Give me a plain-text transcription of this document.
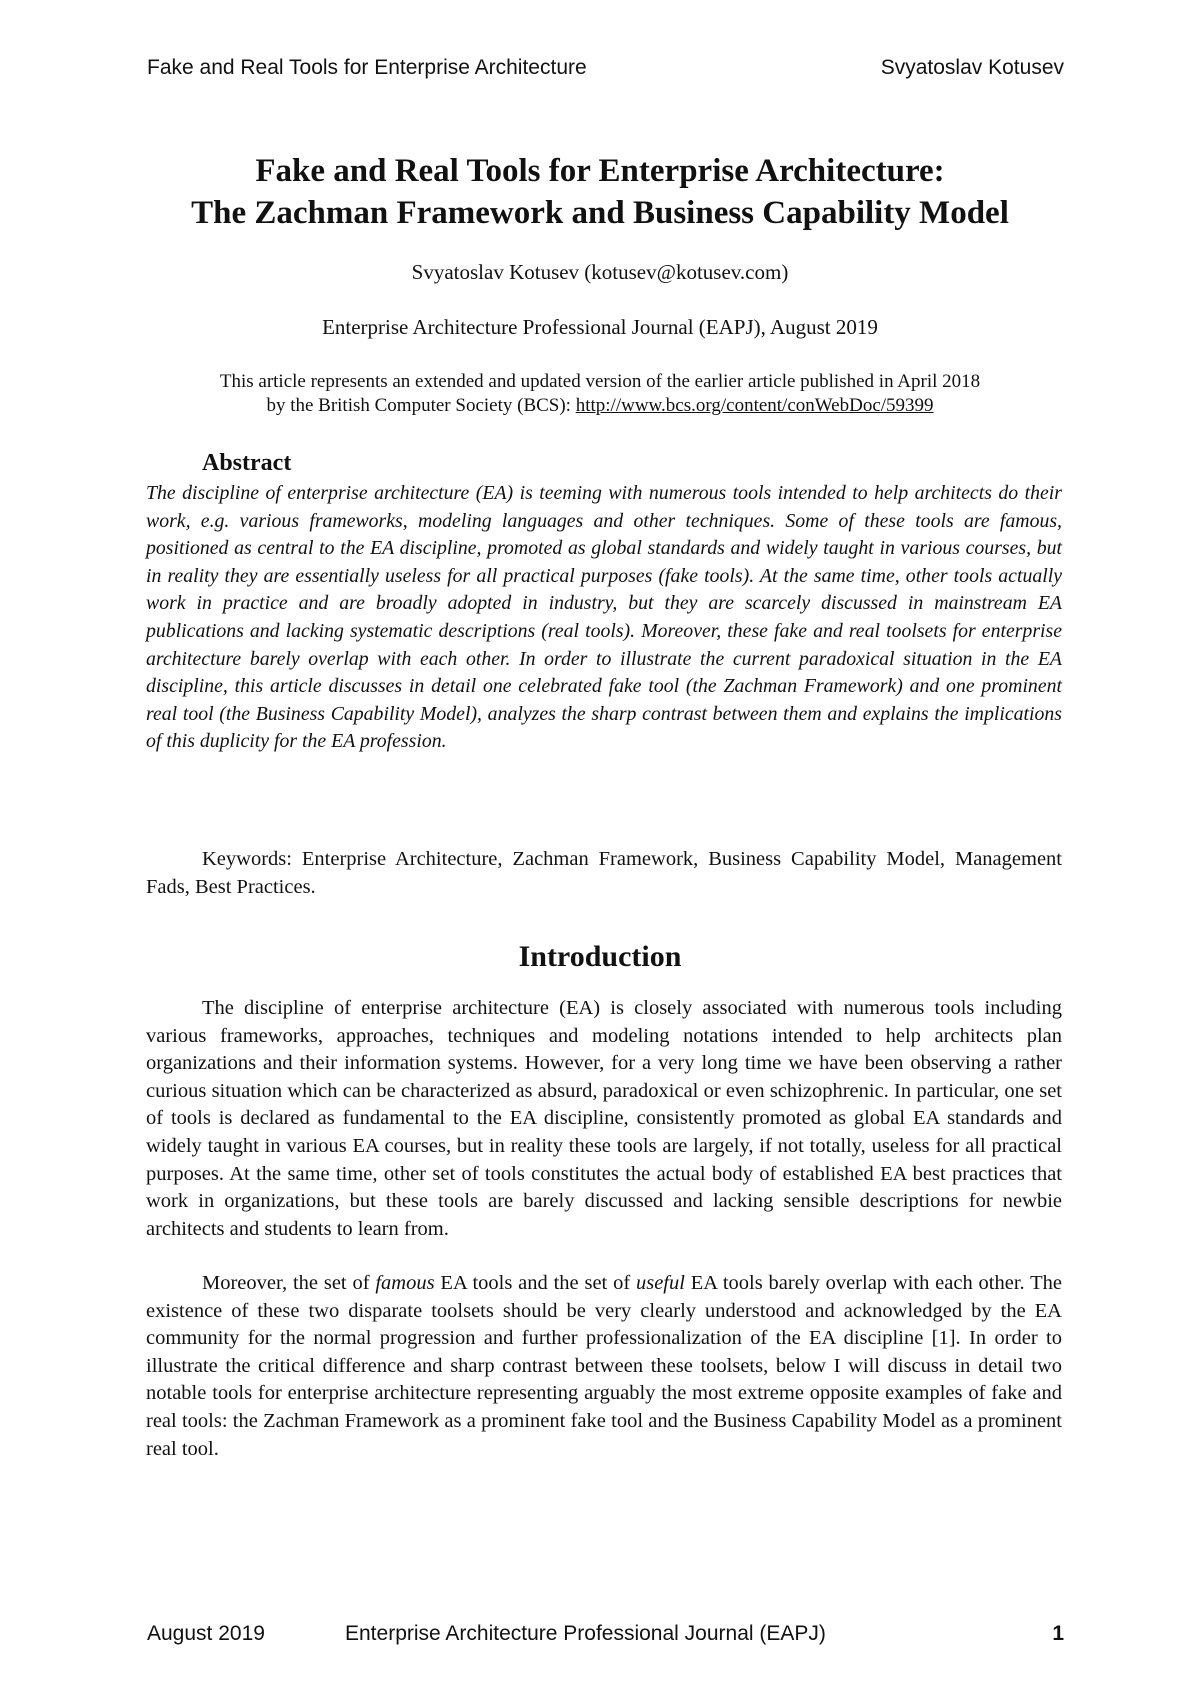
Fake and Real Tools for Enterprise Architecture	Svyatoslav Kotusev
Fake and Real Tools for Enterprise Architecture:
The Zachman Framework and Business Capability Model
Svyatoslav Kotusev (kotusev@kotusev.com)
Enterprise Architecture Professional Journal (EAPJ), August 2019
This article represents an extended and updated version of the earlier article published in April 2018
by the British Computer Society (BCS): http://www.bcs.org/content/conWebDoc/59399
Abstract

The discipline of enterprise architecture (EA) is teeming with numerous tools intended to help architects do their work, e.g. various frameworks, modeling languages and other techniques. Some of these tools are famous, positioned as central to the EA discipline, promoted as global standards and widely taught in various courses, but in reality they are essentially useless for all practical purposes (fake tools). At the same time, other tools actually work in practice and are broadly adopted in industry, but they are scarcely discussed in mainstream EA publications and lacking systematic descriptions (real tools). Moreover, these fake and real toolsets for enterprise architecture barely overlap with each other. In order to illustrate the current paradoxical situation in the EA discipline, this article discusses in detail one celebrated fake tool (the Zachman Framework) and one prominent real tool (the Business Capability Model), analyzes the sharp contrast between them and explains the implications of this duplicity for the EA profession.

Keywords: Enterprise Architecture, Zachman Framework, Business Capability Model, Management Fads, Best Practices.

Introduction

The discipline of enterprise architecture (EA) is closely associated with numerous tools including various frameworks, approaches, techniques and modeling notations intended to help architects plan organizations and their information systems. However, for a very long time we have been observing a rather curious situation which can be characterized as absurd, paradoxical or even schizophrenic. In particular, one set of tools is declared as fundamental to the EA discipline, consistently promoted as global EA standards and widely taught in various EA courses, but in reality these tools are largely, if not totally, useless for all practical purposes. At the same time, other set of tools constitutes the actual body of established EA best practices that work in organizations, but these tools are barely discussed and lacking sensible descriptions for newbie architects and students to learn from.

Moreover, the set of famous EA tools and the set of useful EA tools barely overlap with each other. The existence of these two disparate toolsets should be very clearly understood and acknowledged by the EA community for the normal progression and further professionalization of the EA discipline [1]. In order to illustrate the critical difference and sharp contrast between these toolsets, below I will discuss in detail two notable tools for enterprise architecture representing arguably the most extreme opposite examples of fake and real tools: the Zachman Framework as a prominent fake tool and the Business Capability Model as a prominent real tool.

August 2019	Enterprise Architecture Professional Journal (EAPJ)	1
